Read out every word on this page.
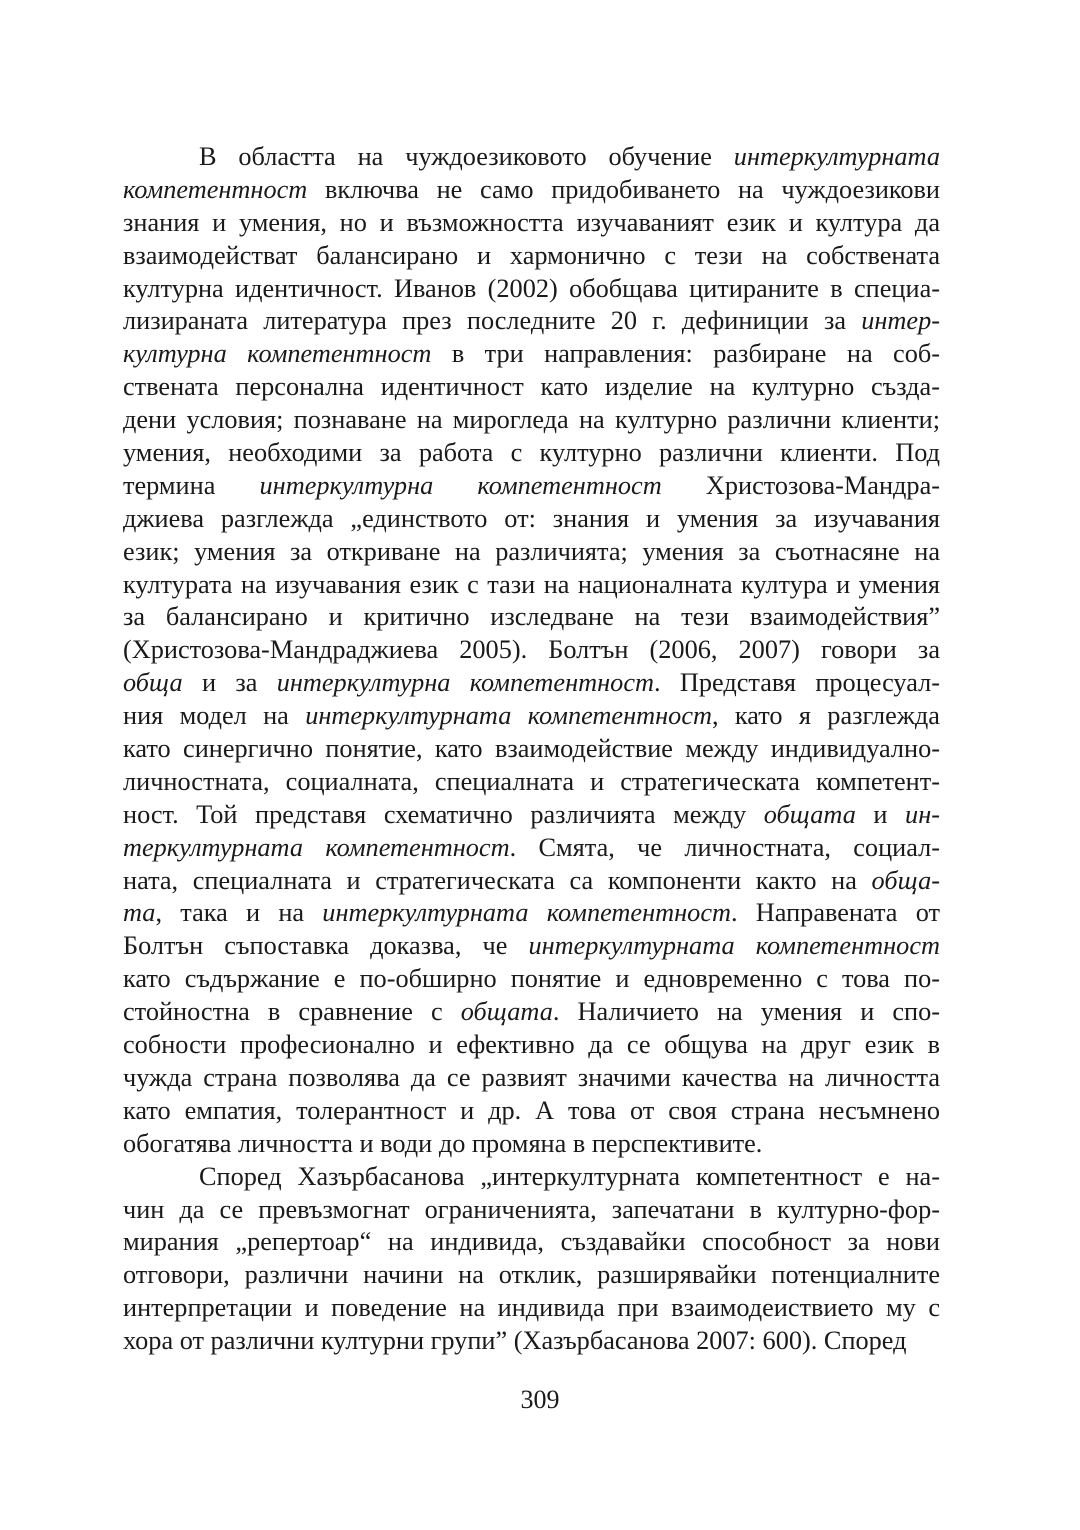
В областта на чуждоезиковото обучение интеркултурната
компетентност включва не само придобиването на чуждоезикови
знания и умения, но и възможността изучаваният език и култура да
взаимодействат балансирано и хармонично с тези на собствената
културна идентичност. Иванов (2002) обобщава цитираните в специа-
лизираната литература през последните 20 г. дефиниции за интер-
културна компетентност в три направления: разбиране на соб-
ствената персонална идентичност като изделие на културно създа-
дени условия; познаване на мирогледа на културно различни клиенти;
умения, необходими за работа с културно различни клиенти. Под
термина интеркултурна компетентност Христозова-Мандра-
джиева разглежда „единството от: знания и умения за изучавания
език; умения за откриване на различията; умения за съотнасяне на
културата на изучавания език с тази на националната култура и умения
за балансирано и критично изследване на тези взаимодействия”
(Христозова-Мандраджиева 2005). Болтън (2006, 2007) говори за
обща и за интеркултурна компетентност. Представя процесуал-
ния модел на интеркултурната компетентност, като я разглежда
като синергично понятие, като взаимодействие между индивидуално-
личностната, социалната, специалната и стратегическата компетент-
ност. Той представя схематично различията между общата и ин-
теркултурната компетентност. Смята, че личностната, социал-
ната, специалната и стратегическата са компоненти както на обща-
та, така и на интеркултурната компетентност. Направената от
Болтън съпоставка доказва, че интеркултурната компетентност
като съдържание е по-обширно понятие и едновременно с това по-
стойностна в сравнение с общата. Наличието на умения и спо-
собности професионално и ефективно да се общува на друг език в
чужда страна позволява да се развият значими качества на личността
като емпатия, толерантност и др. А това от своя страна несъмнено
обогатява личността и води до промяна в перспективите.
Според Хазърбасанова „интеркултурната компетентност е на-
чин да се превъзмогнат ограниченията, запечатани в културно-фор-
мирания „репертоар“ на индивида, създавайки способност за нови
отговори, различни начини на отклик, разширявайки потенциалните
интерпретации и поведение на индивида при взаимодеиствието му с
хора от различни културни групи” (Хазърбасанова 2007: 600). Според
309
